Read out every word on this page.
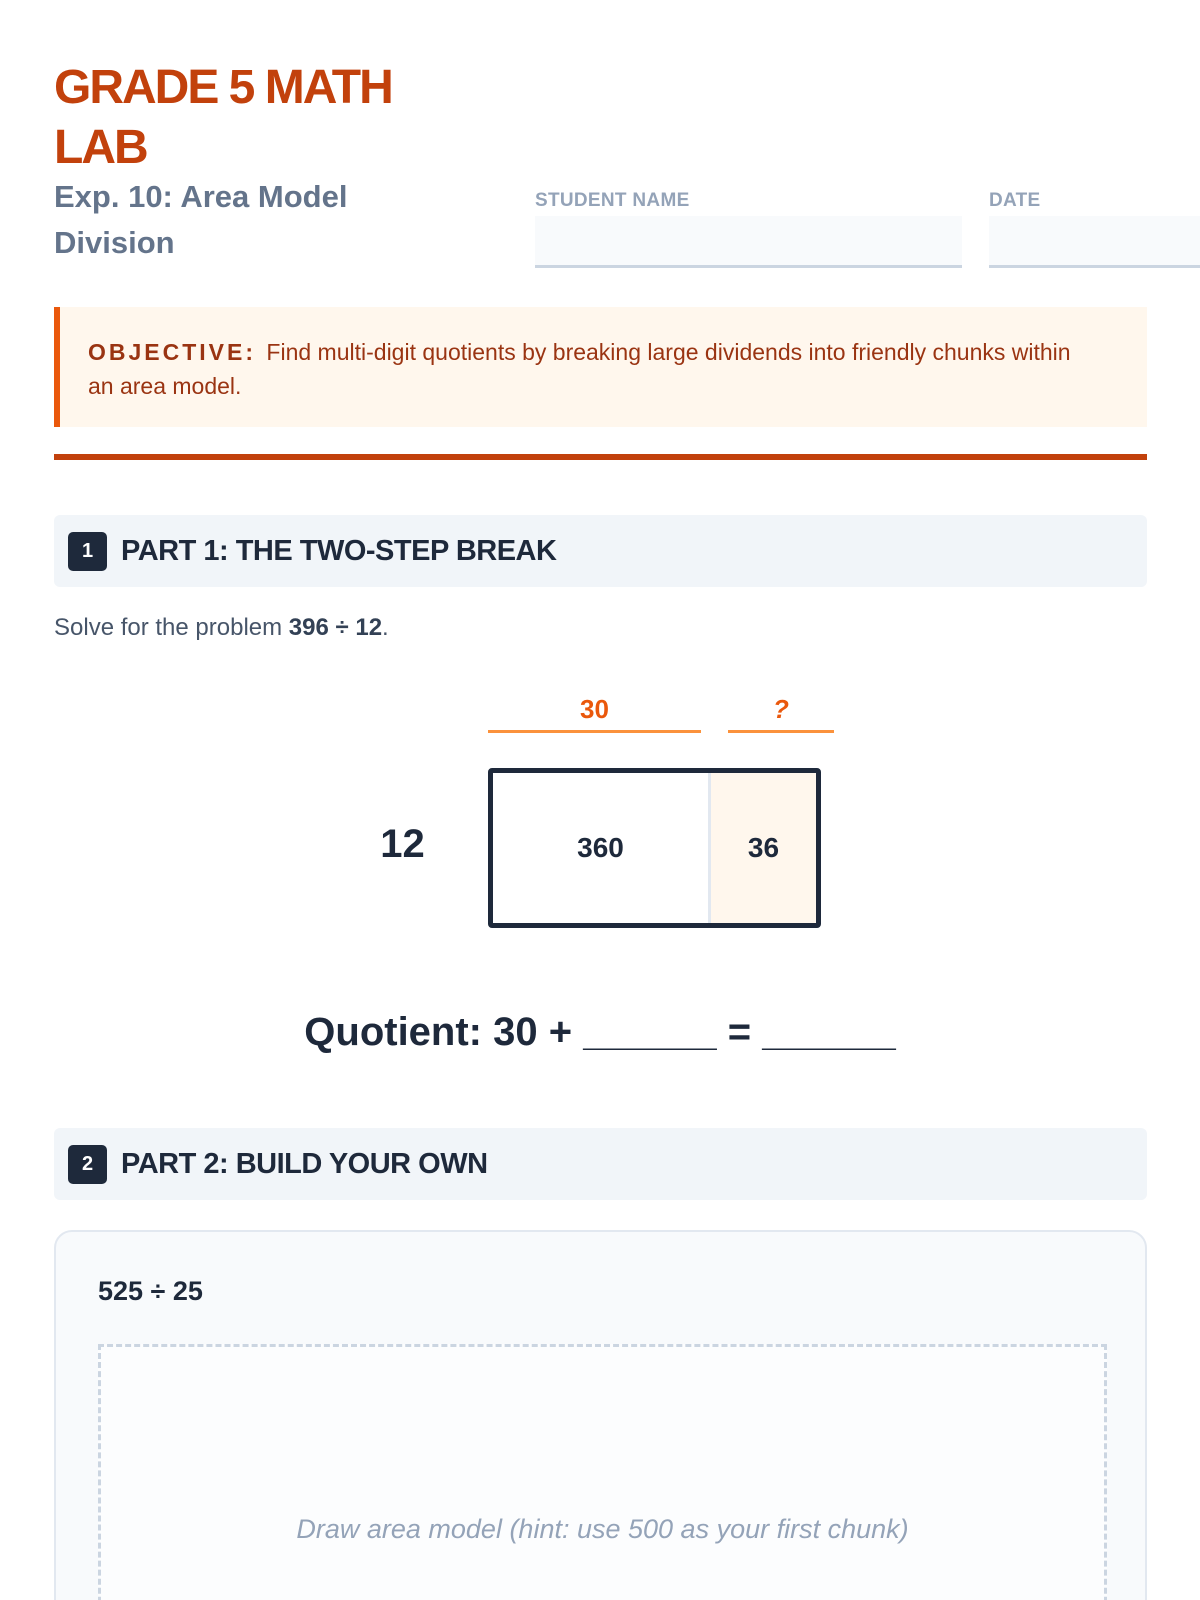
GRADE 5 MATH LAB
Exp. 10: Area Model Division
STUDENT NAME	DATE
OBJECTIVE: Find multi-digit quotients by breaking large dividends into friendly chunks within an area model.
1 PART 1: THE TWO-STEP BREAK

Solve for the problem 396 ÷ 12.

30	?
12	360	36
Quotient: 30 + ______ = ______
2 PART 2: BUILD YOUR OWN
525 ÷ 25
Draw area model (hint: use 500 as your first chunk)
